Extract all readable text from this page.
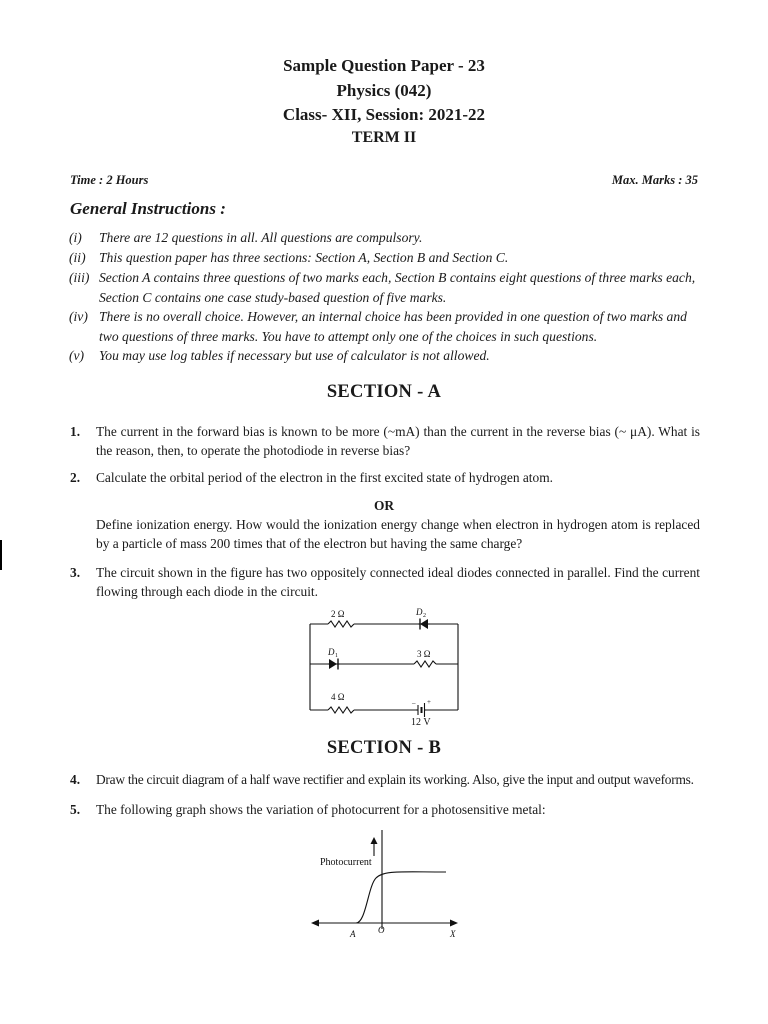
Sample Question Paper - 23
Physics (042)
Class- XII, Session: 2021-22
TERM II
Time : 2 Hours	Max. Marks : 35
General Instructions :
(i) There are 12 questions in all. All questions are compulsory.
(ii) This question paper has three sections: Section A, Section B and Section C.
(iii) Section A contains three questions of two marks each, Section B contains eight questions of three marks each, Section C contains one case study-based question of five marks.
(iv) There is no overall choice. However, an internal choice has been provided in one question of two marks and two questions of three marks. You have to attempt only one of the choices in such questions.
(v) You may use log tables if necessary but use of calculator is not allowed.
SECTION - A
1. The current in the forward bias is known to be more (~mA) than the current in the reverse bias (~ μA). What is the reason, then, to operate the photodiode in reverse bias?
2. Calculate the orbital period of the electron in the first excited state of hydrogen atom.
OR
Define ionization energy. How would the ionization energy change when electron in hydrogen atom is replaced by a particle of mass 200 times that of the electron but having the same charge?
3. The circuit shown in the figure has two oppositely connected ideal diodes connected in parallel. Find the current flowing through each diode in the circuit.
2 Ω
3 Ω
4 Ω
D 2
D 1
12 V
+
–
SECTION - B
4. Draw the circuit diagram of a half wave rectifier and explain its working. Also, give the input and output waveforms.
5. The following graph shows the variation of photocurrent for a photosensitive metal:
Photocurrent
A	O	X
